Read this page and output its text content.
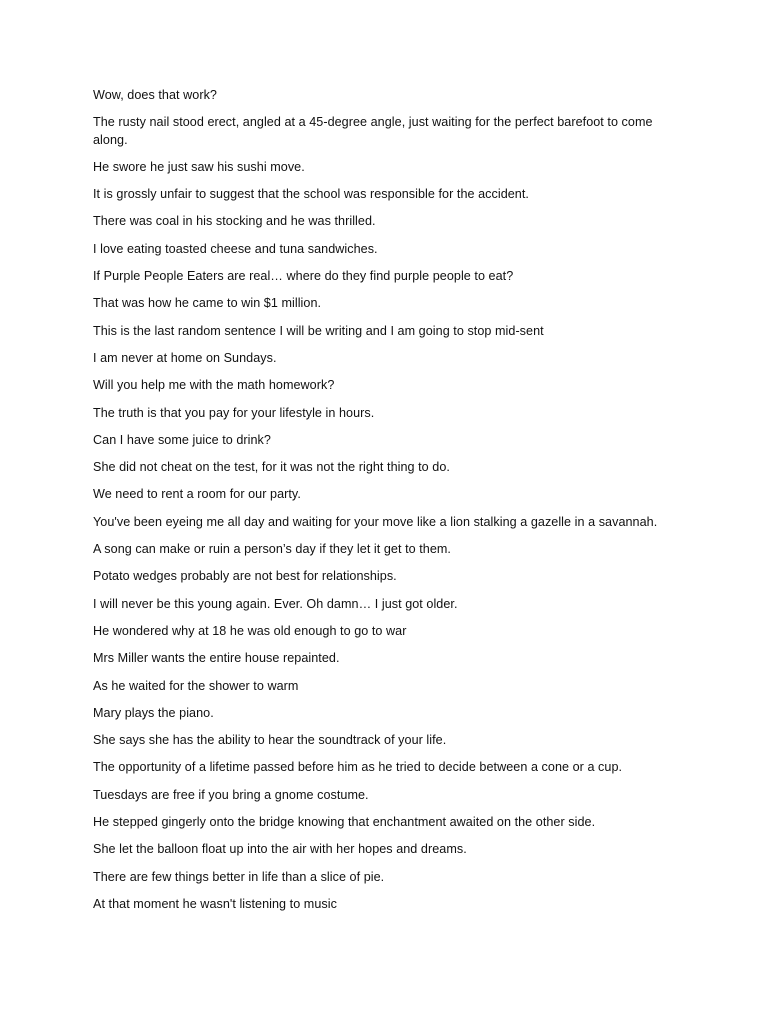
Wow, does that work?

The rusty nail stood erect, angled at a 45-degree angle, just waiting for the perfect barefoot to come along.

He swore he just saw his sushi move.

It is grossly unfair to suggest that the school was responsible for the accident.

There was coal in his stocking and he was thrilled.

I love eating toasted cheese and tuna sandwiches.

If Purple People Eaters are real… where do they find purple people to eat?

That was how he came to win $1 million.

This is the last random sentence I will be writing and I am going to stop mid-sent

I am never at home on Sundays.

Will you help me with the math homework?

The truth is that you pay for your lifestyle in hours.

Can I have some juice to drink?

She did not cheat on the test, for it was not the right thing to do.

We need to rent a room for our party.

You've been eyeing me all day and waiting for your move like a lion stalking a gazelle in a savannah.

A song can make or ruin a person’s day if they let it get to them.

Potato wedges probably are not best for relationships.

I will never be this young again. Ever. Oh damn… I just got older.

He wondered why at 18 he was old enough to go to war

Mrs Miller wants the entire house repainted.

As he waited for the shower to warm

Mary plays the piano.

She says she has the ability to hear the soundtrack of your life.

The opportunity of a lifetime passed before him as he tried to decide between a cone or a cup.

Tuesdays are free if you bring a gnome costume.

He stepped gingerly onto the bridge knowing that enchantment awaited on the other side.

She let the balloon float up into the air with her hopes and dreams.

There are few things better in life than a slice of pie.

At that moment he wasn't listening to music
